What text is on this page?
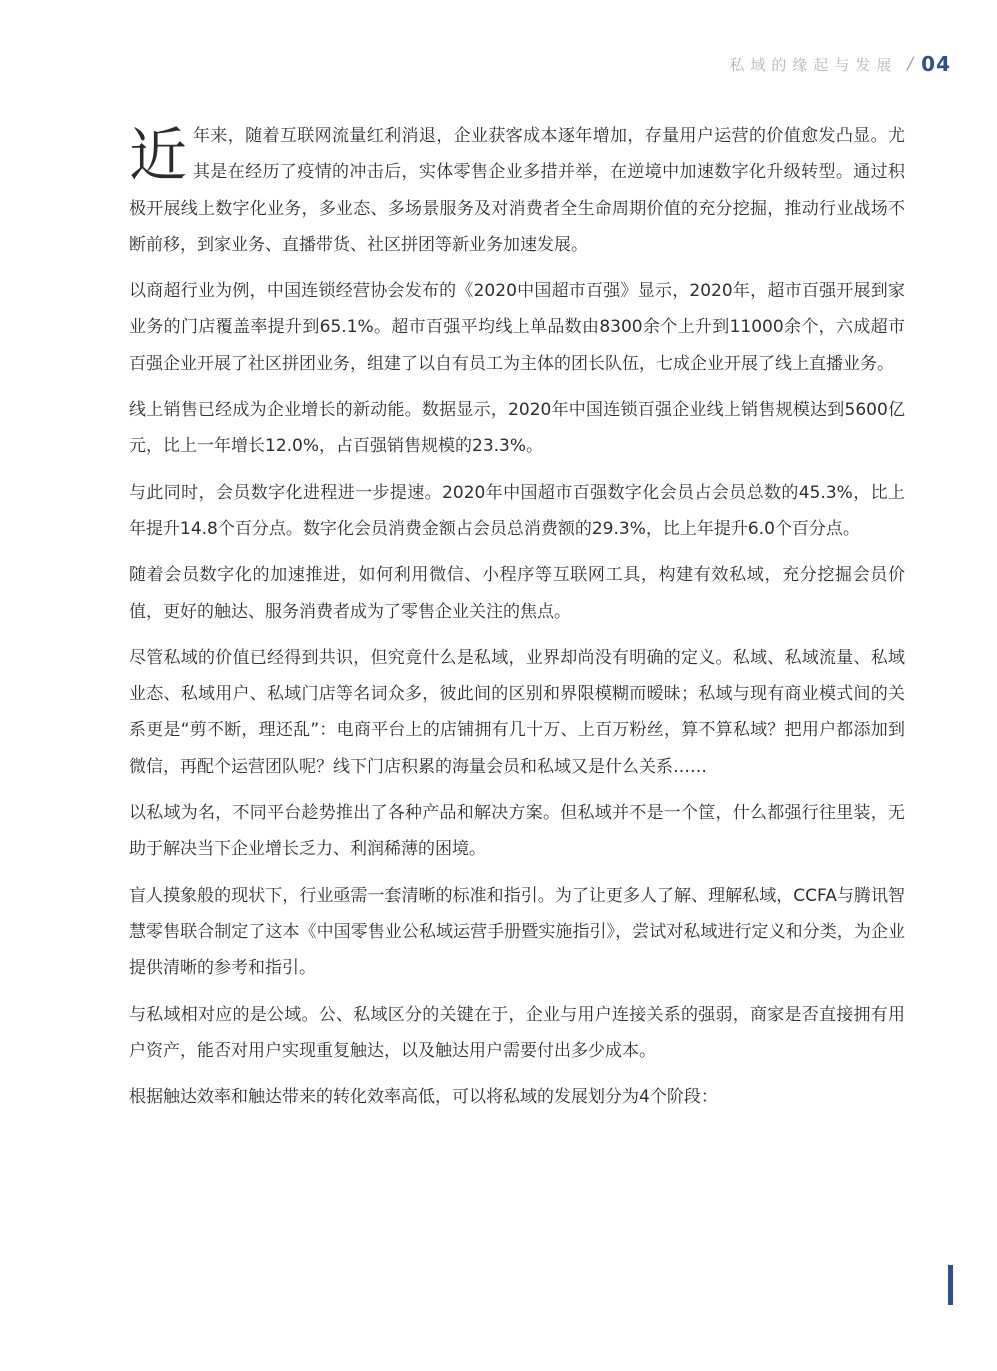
私域的缘起与发展 / 04

近 年来，随着互联网流量红利消退，企业获客成本逐年增加，存量用户运营的价值愈发凸显。尤其是在经历了疫情的冲击后，实体零售企业多措并举，在逆境中加速数字化升级转型。通过积极开展线上数字化业务，多业态、多场景服务及对消费者全生命周期价值的充分挖掘，推动行业战场不断前移，到家业务、直播带货、社区拼团等新业务加速发展。

以商超行业为例，中国连锁经营协会发布的《2020中国超市百强》显示，2020年，超市百强开展到家业务的门店覆盖率提升到65.1%。超市百强平均线上单品数由8300余个上升到11000余个，六成超市百强企业开展了社区拼团业务，组建了以自有员工为主体的团长队伍，七成企业开展了线上直播业务。

线上销售已经成为企业增长的新动能。数据显示，2020年中国连锁百强企业线上销售规模达到5600亿元，比上一年增长12.0%，占百强销售规模的23.3%。

与此同时，会员数字化进程进一步提速。2020年中国超市百强数字化会员占会员总数的45.3%，比上年提升14.8个百分点。数字化会员消费金额占会员总消费额的29.3%，比上年提升6.0个百分点。

随着会员数字化的加速推进，如何利用微信、小程序等互联网工具，构建有效私域，充分挖掘会员价值，更好的触达、服务消费者成为了零售企业关注的焦点。

尽管私域的价值已经得到共识，但究竟什么是私域，业界却尚没有明确的定义。私域、私域流量、私域业态、私域用户、私域门店等名词众多，彼此间的区别和界限模糊而暧昧；私域与现有商业模式间的关系更是“剪不断，理还乱”：电商平台上的店铺拥有几十万、上百万粉丝，算不算私域？把用户都添加到微信，再配个运营团队呢？线下门店积累的海量会员和私域又是什么关系……

以私域为名，不同平台趁势推出了各种产品和解决方案。但私域并不是一个筐，什么都强行往里装，无助于解决当下企业增长乏力、利润稀薄的困境。

盲人摸象般的现状下，行业亟需一套清晰的标准和指引。为了让更多人了解、理解私域，CCFA与腾讯智慧零售联合制定了这本《中国零售业公私域运营手册暨实施指引》，尝试对私域进行定义和分类，为企业提供清晰的参考和指引。

与私域相对应的是公域。公、私域区分的关键在于，企业与用户连接关系的强弱，商家是否直接拥有用户资产，能否对用户实现重复触达，以及触达用户需要付出多少成本。

根据触达效率和触达带来的转化效率高低，可以将私域的发展划分为4个阶段：
